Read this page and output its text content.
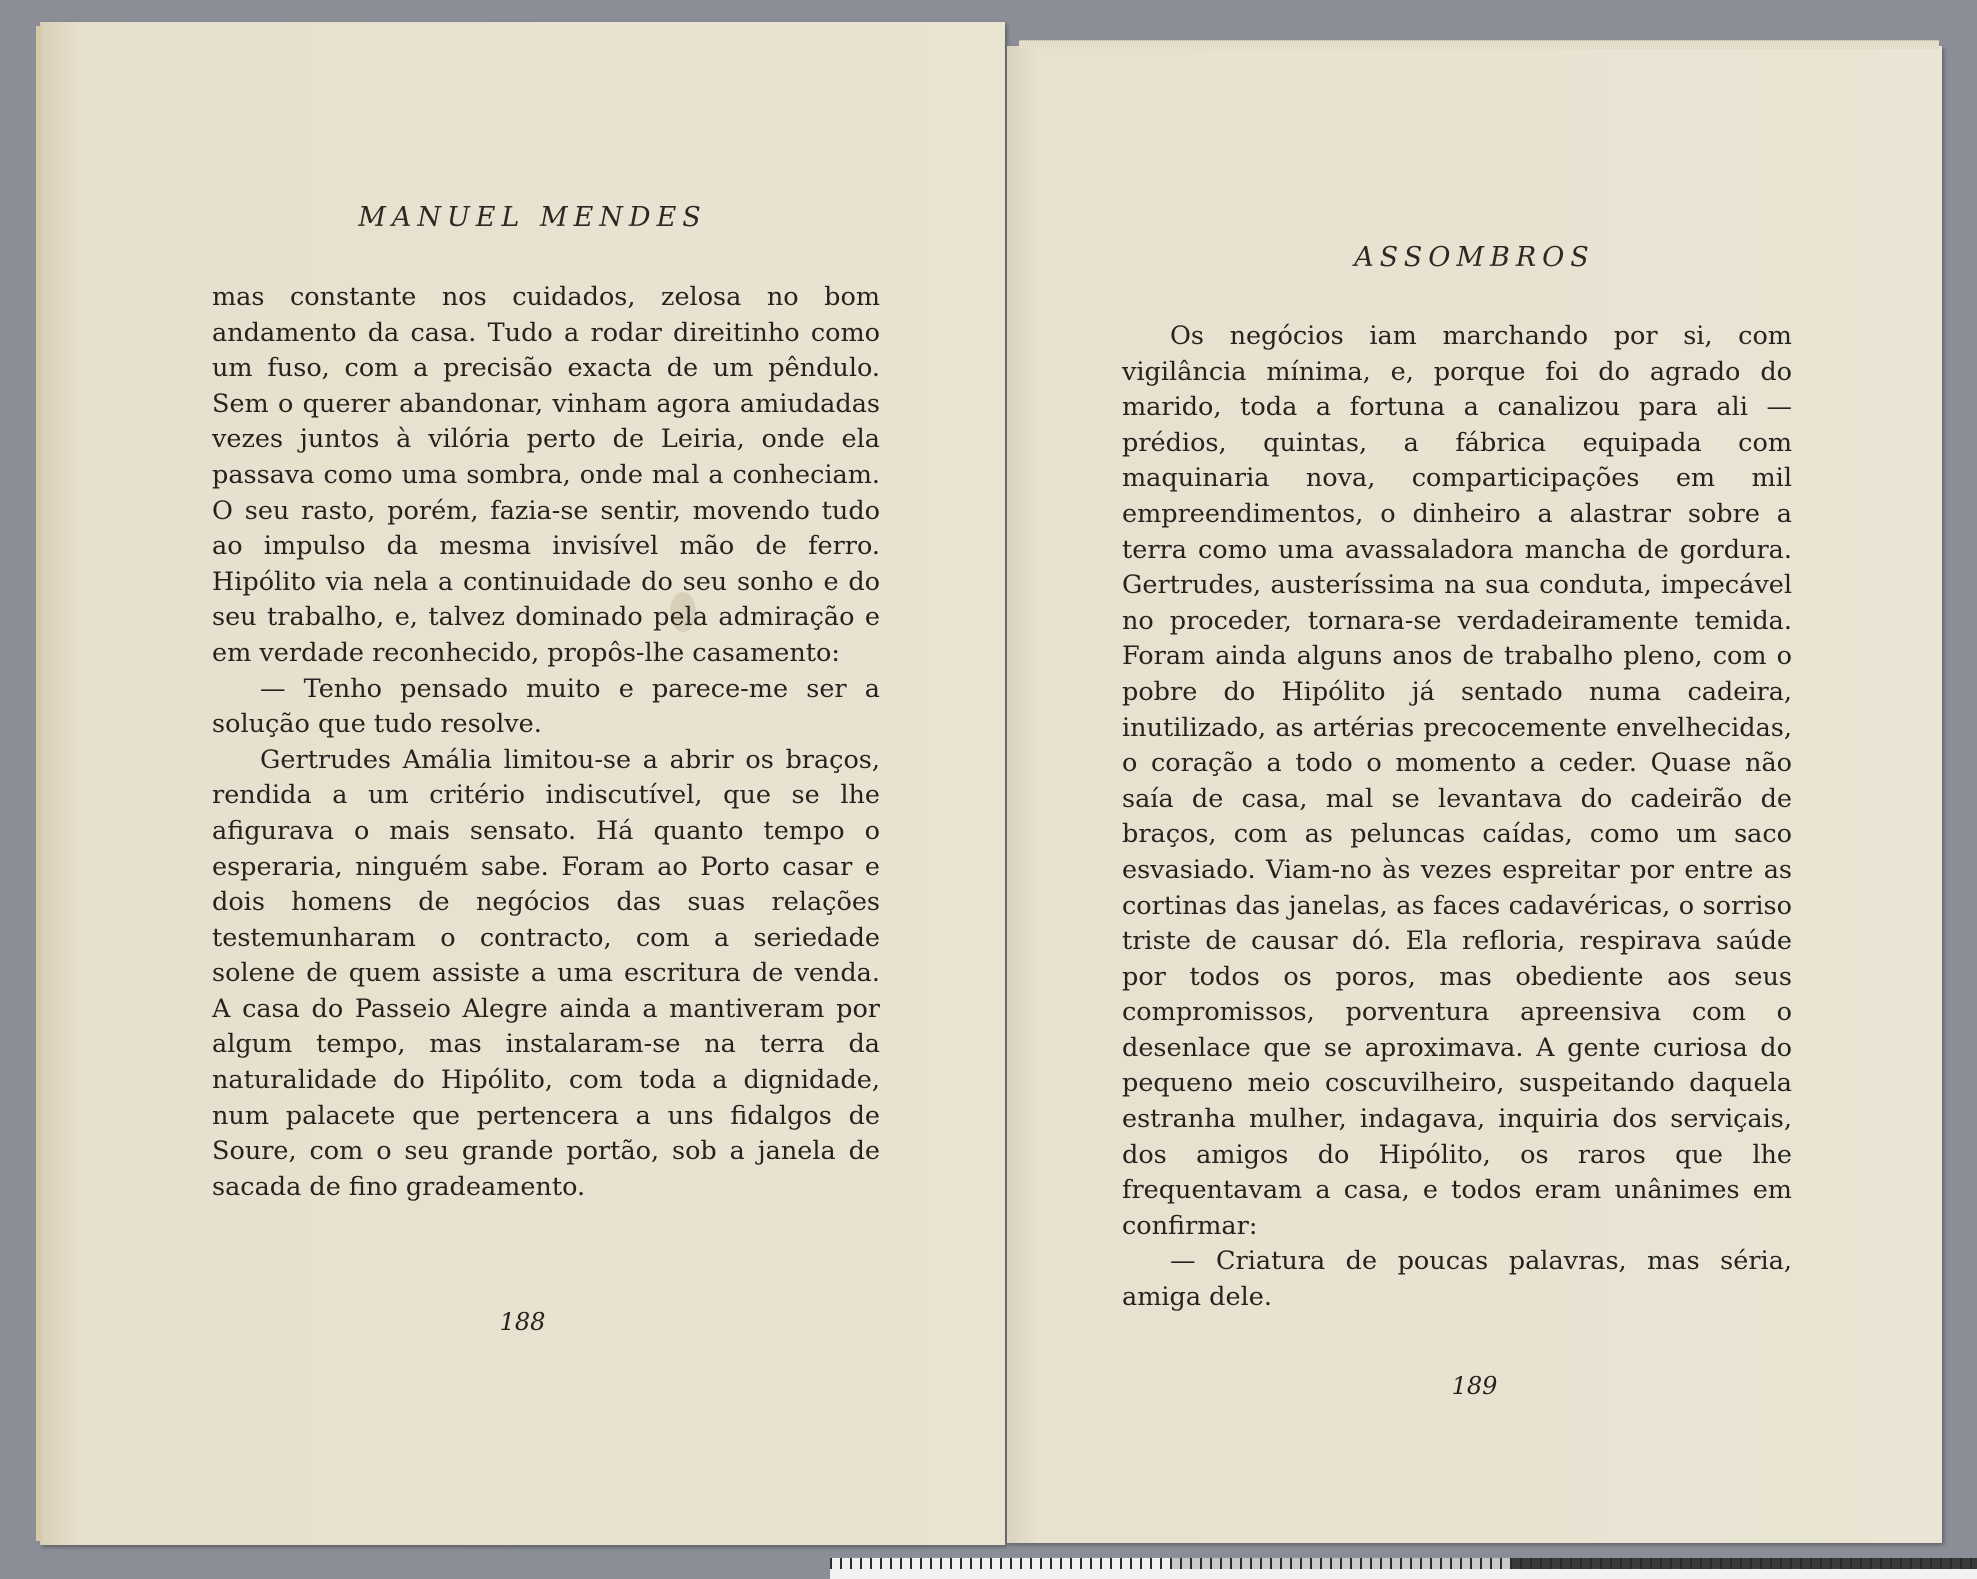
MANUEL MENDES

mas constante nos cuidados, zelosa no bom andamento da casa. Tudo a rodar direitinho como um fuso, com a precisão exacta de um pêndulo. Sem o querer abandonar, vinham agora amiudadas vezes juntos à vilória perto de Leiria, onde ela passava como uma sombra, onde mal a conheciam. O seu rasto, porém, fazia-se sentir, movendo tudo ao impulso da mesma invisível mão de ferro. Hipólito via nela a continuidade do seu sonho e do seu trabalho, e, talvez dominado pela admiração e em verdade reconhecido, propôs-lhe casamento:

— Tenho pensado muito e parece-me ser a solução que tudo resolve.

Gertrudes Amália limitou-se a abrir os braços, rendida a um critério indiscutível, que se lhe afigurava o mais sensato. Há quanto tempo o esperaria, ninguém sabe. Foram ao Porto casar e dois homens de negócios das suas relações testemunharam o contracto, com a seriedade solene de quem assiste a uma escritura de venda. A casa do Passeio Alegre ainda a mantiveram por algum tempo, mas instalaram-se na terra da naturalidade do Hipólito, com toda a dignidade, num palacete que pertencera a uns fidalgos de Soure, com o seu grande portão, sob a janela de sacada de fino gradeamento.

188
ASSOMBROS

Os negócios iam marchando por si, com vigilância mínima, e, porque foi do agrado do marido, toda a fortuna a canalizou para ali — prédios, quintas, a fábrica equipada com maquinaria nova, comparticipações em mil empreendimentos, o dinheiro a alastrar sobre a terra como uma avassaladora mancha de gordura. Gertrudes, austeríssima na sua conduta, impecável no proceder, tornara-se verdadeiramente temida. Foram ainda alguns anos de trabalho pleno, com o pobre do Hipólito já sentado numa cadeira, inutilizado, as artérias precocemente envelhecidas, o coração a todo o momento a ceder. Quase não saía de casa, mal se levantava do cadeirão de braços, com as peluncas caídas, como um saco esvasiado. Viam-no às vezes espreitar por entre as cortinas das janelas, as faces cadavéricas, o sorriso triste de causar dó. Ela refloria, respirava saúde por todos os poros, mas obediente aos seus compromissos, porventura apreensiva com o desenlace que se aproximava. A gente curiosa do pequeno meio coscuvilheiro, suspeitando daquela estranha mulher, indagava, inquiria dos serviçais, dos amigos do Hipólito, os raros que lhe frequentavam a casa, e todos eram unânimes em confirmar:

— Criatura de poucas palavras, mas séria, amiga dele.

189
